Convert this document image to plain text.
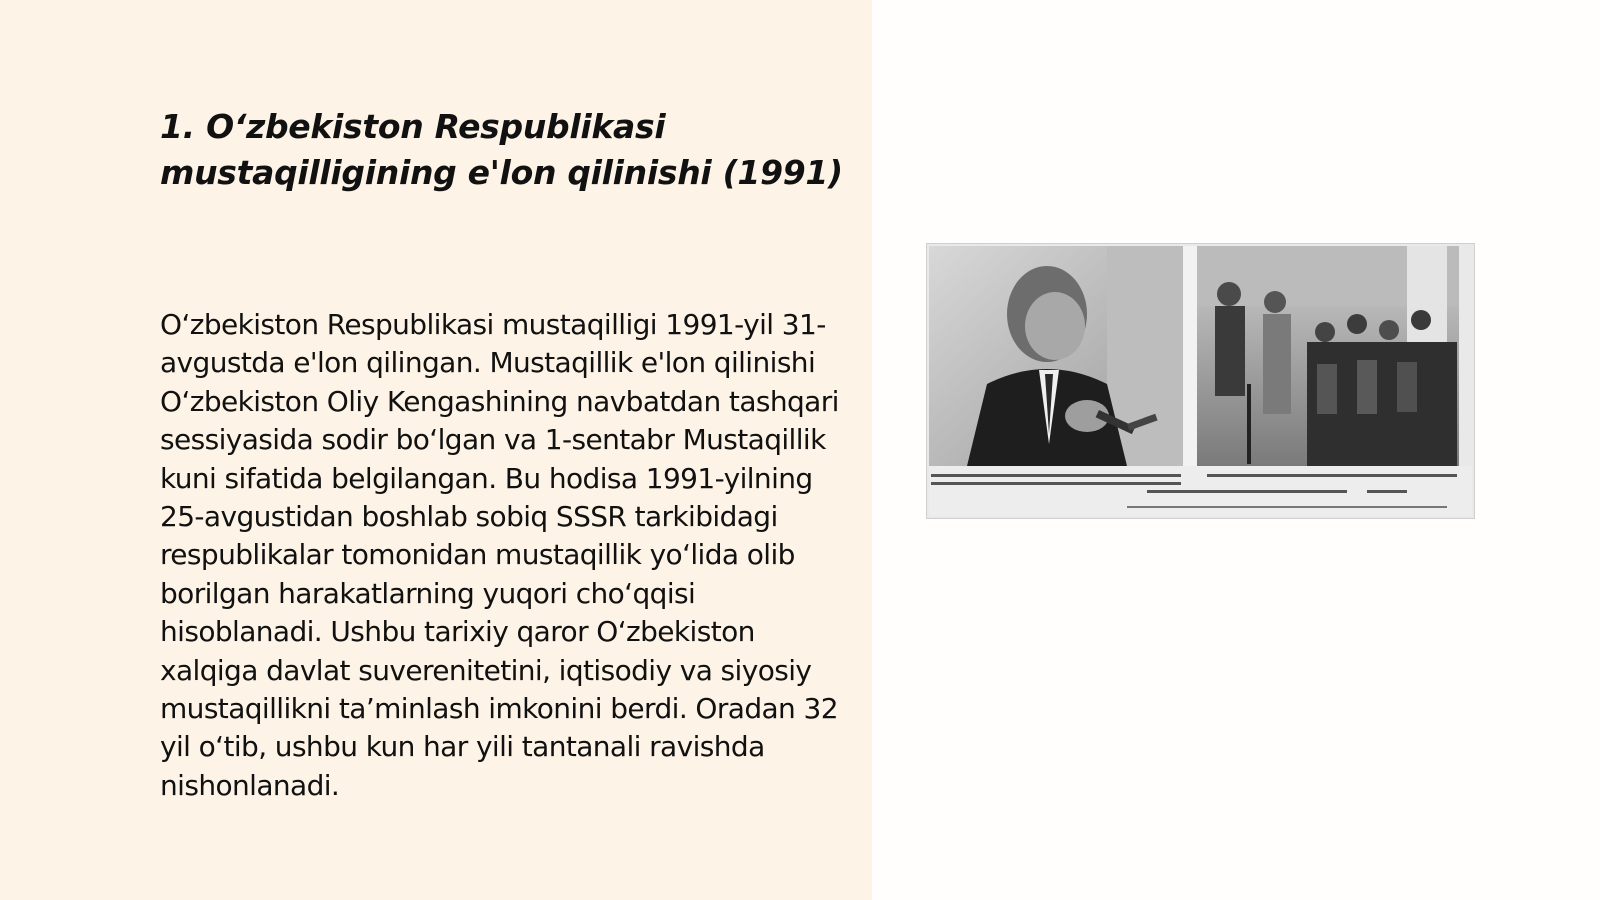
1. O‘zbekiston Respublikasi mustaqilligining e'lon qilinishi (1991)

O‘zbekiston Respublikasi mustaqilligi 1991-yil 31-avgustda e'lon qilingan. Mustaqillik e'lon qilinishi O‘zbekiston Oliy Kengashining navbatdan tashqari sessiyasida sodir bo‘lgan va 1-sentabr Mustaqillik kuni sifatida belgilangan. Bu hodisa 1991-yilning 25-avgustidan boshlab sobiq SSSR tarkibidagi respublikalar tomonidan mustaqillik yo‘lida olib borilgan harakatlarning yuqori cho‘qqisi hisoblanadi. Ushbu tarixiy qaror O‘zbekiston xalqiga davlat suverenitetini, iqtisodiy va siyosiy mustaqillikni ta’minlash imkonini berdi. Oradan 32 yil o‘tib, ushbu kun har yili tantanali ravishda nishonlanadi.
